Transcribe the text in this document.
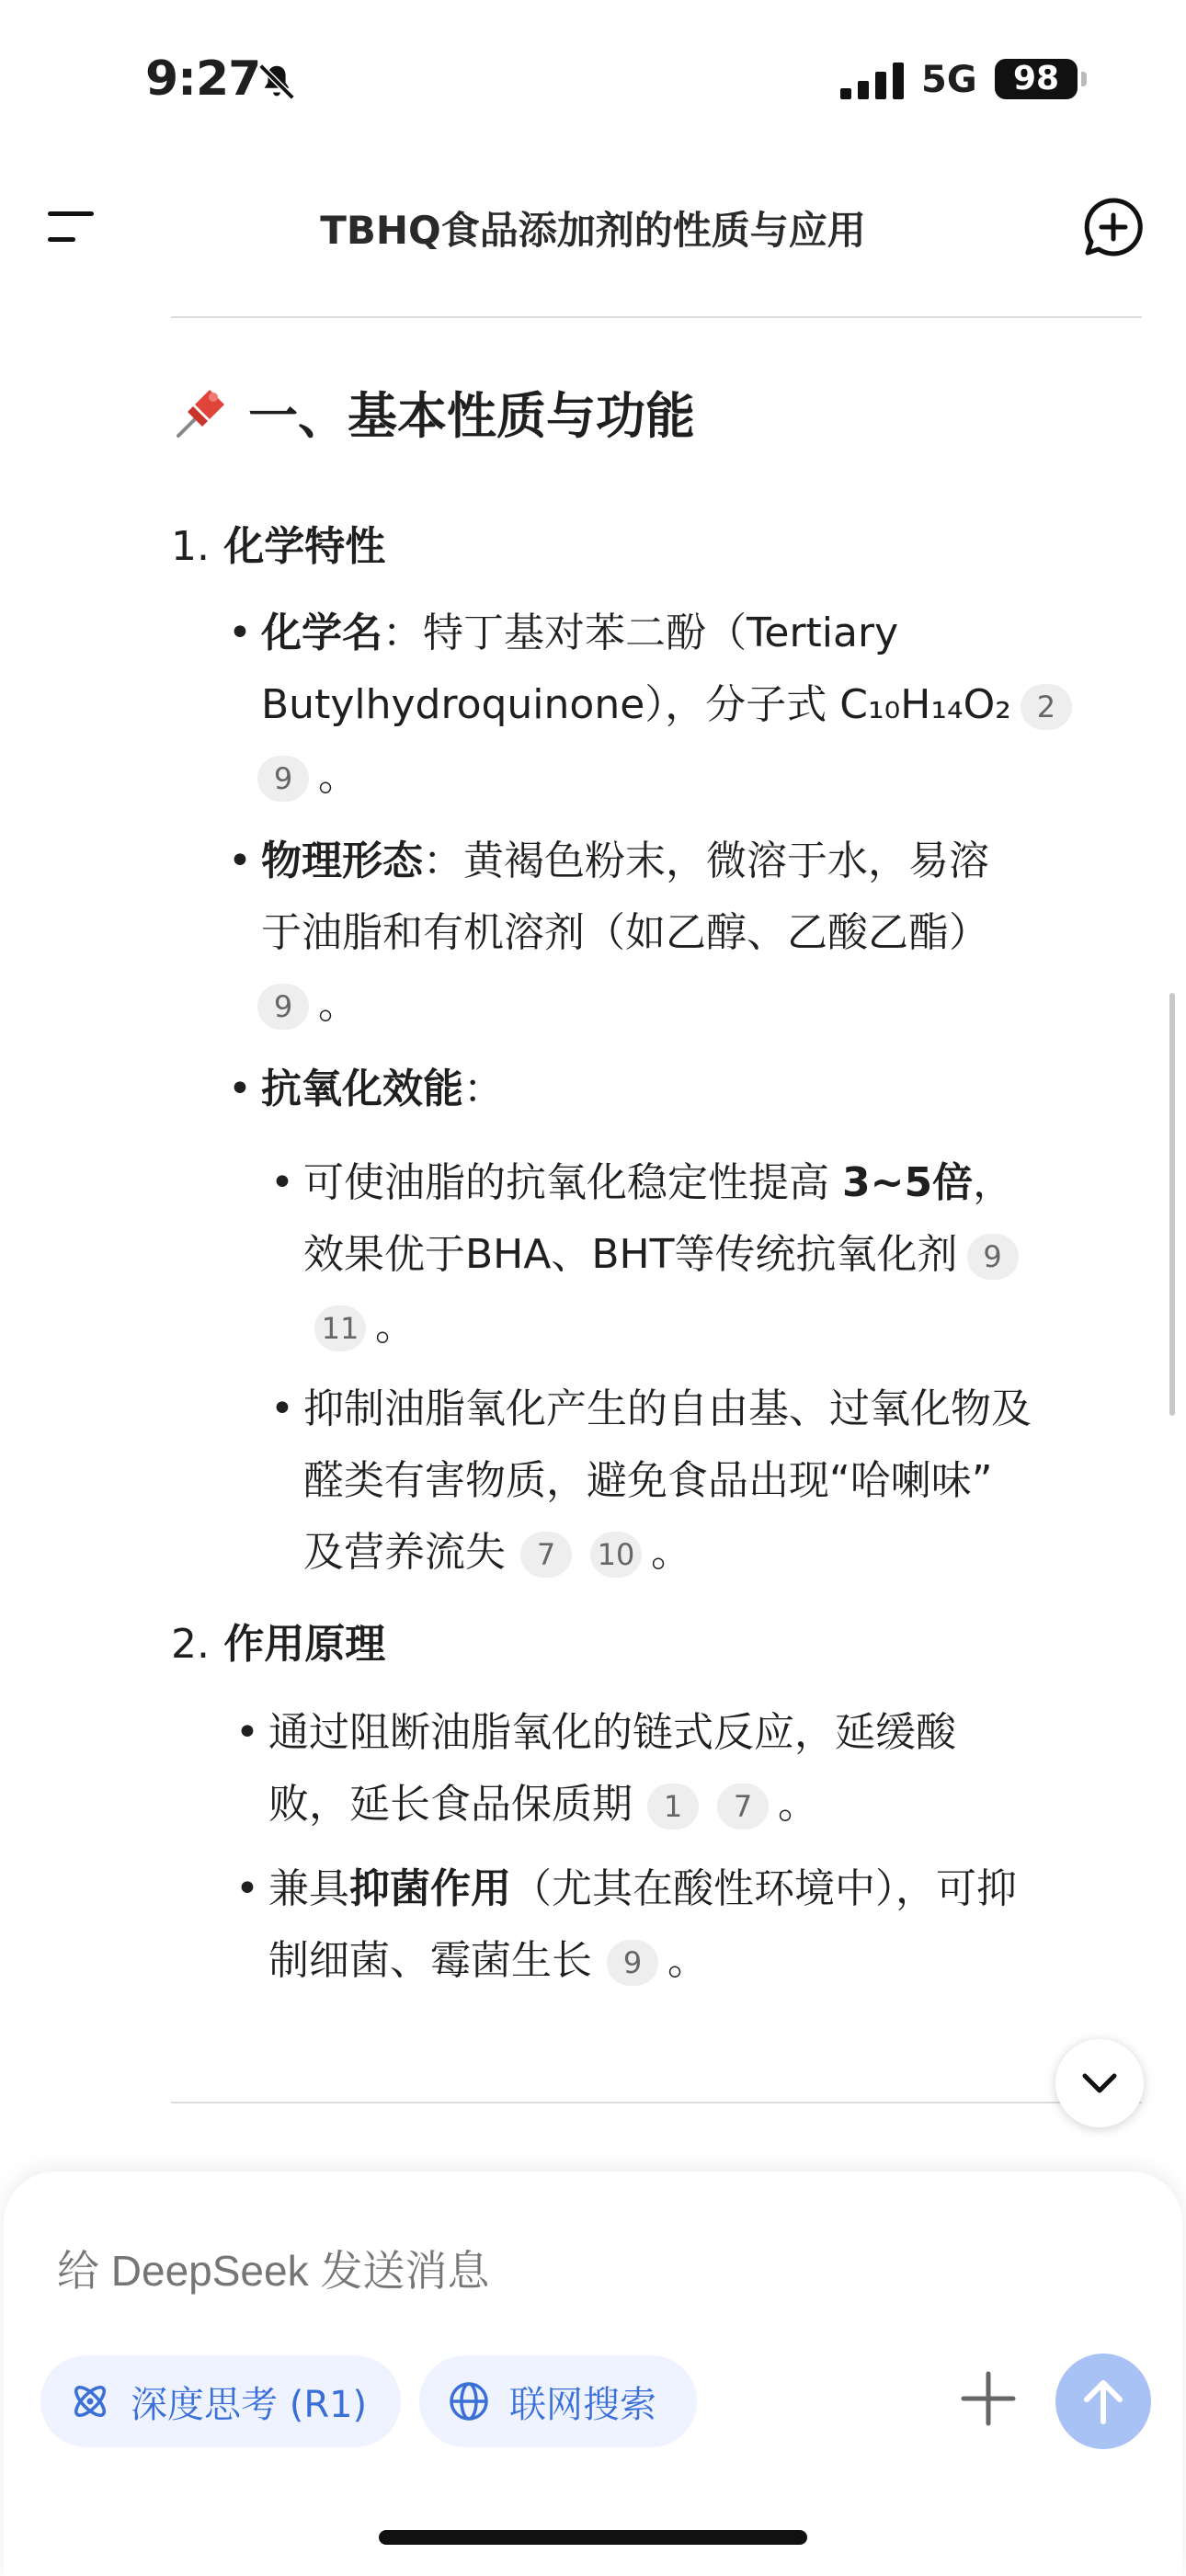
9:27	5G	98
TBHQ食品添加剂的性质与应用
一、基本性质与功能
1. 化学特性
• 化学名：特丁基对苯二酚（Tertiary
Butylhydroquinone），分子式 C₁₀H₁₄O₂ 2
9 。
• 物理形态：黄褐色粉末，微溶于水，易溶
于油脂和有机溶剂（如乙醇、乙酸乙酯）
9 。
• 抗氧化效能：
• 可使油脂的抗氧化稳定性提高 3~5倍，
效果优于BHA、BHT等传统抗氧化剂 9
11 。
• 抑制油脂氧化产生的自由基、过氧化物及
醛类有害物质，避免食品出现“哈喇味”
及营养流失 7 10 。
2. 作用原理
• 通过阻断油脂氧化的链式反应，延缓酸
败，延长食品保质期 1 7 。
• 兼具抑菌作用（尤其在酸性环境中），可抑
制细菌、霉菌生长 9 。
给 DeepSeek 发送消息
深度思考 (R1)	联网搜索
